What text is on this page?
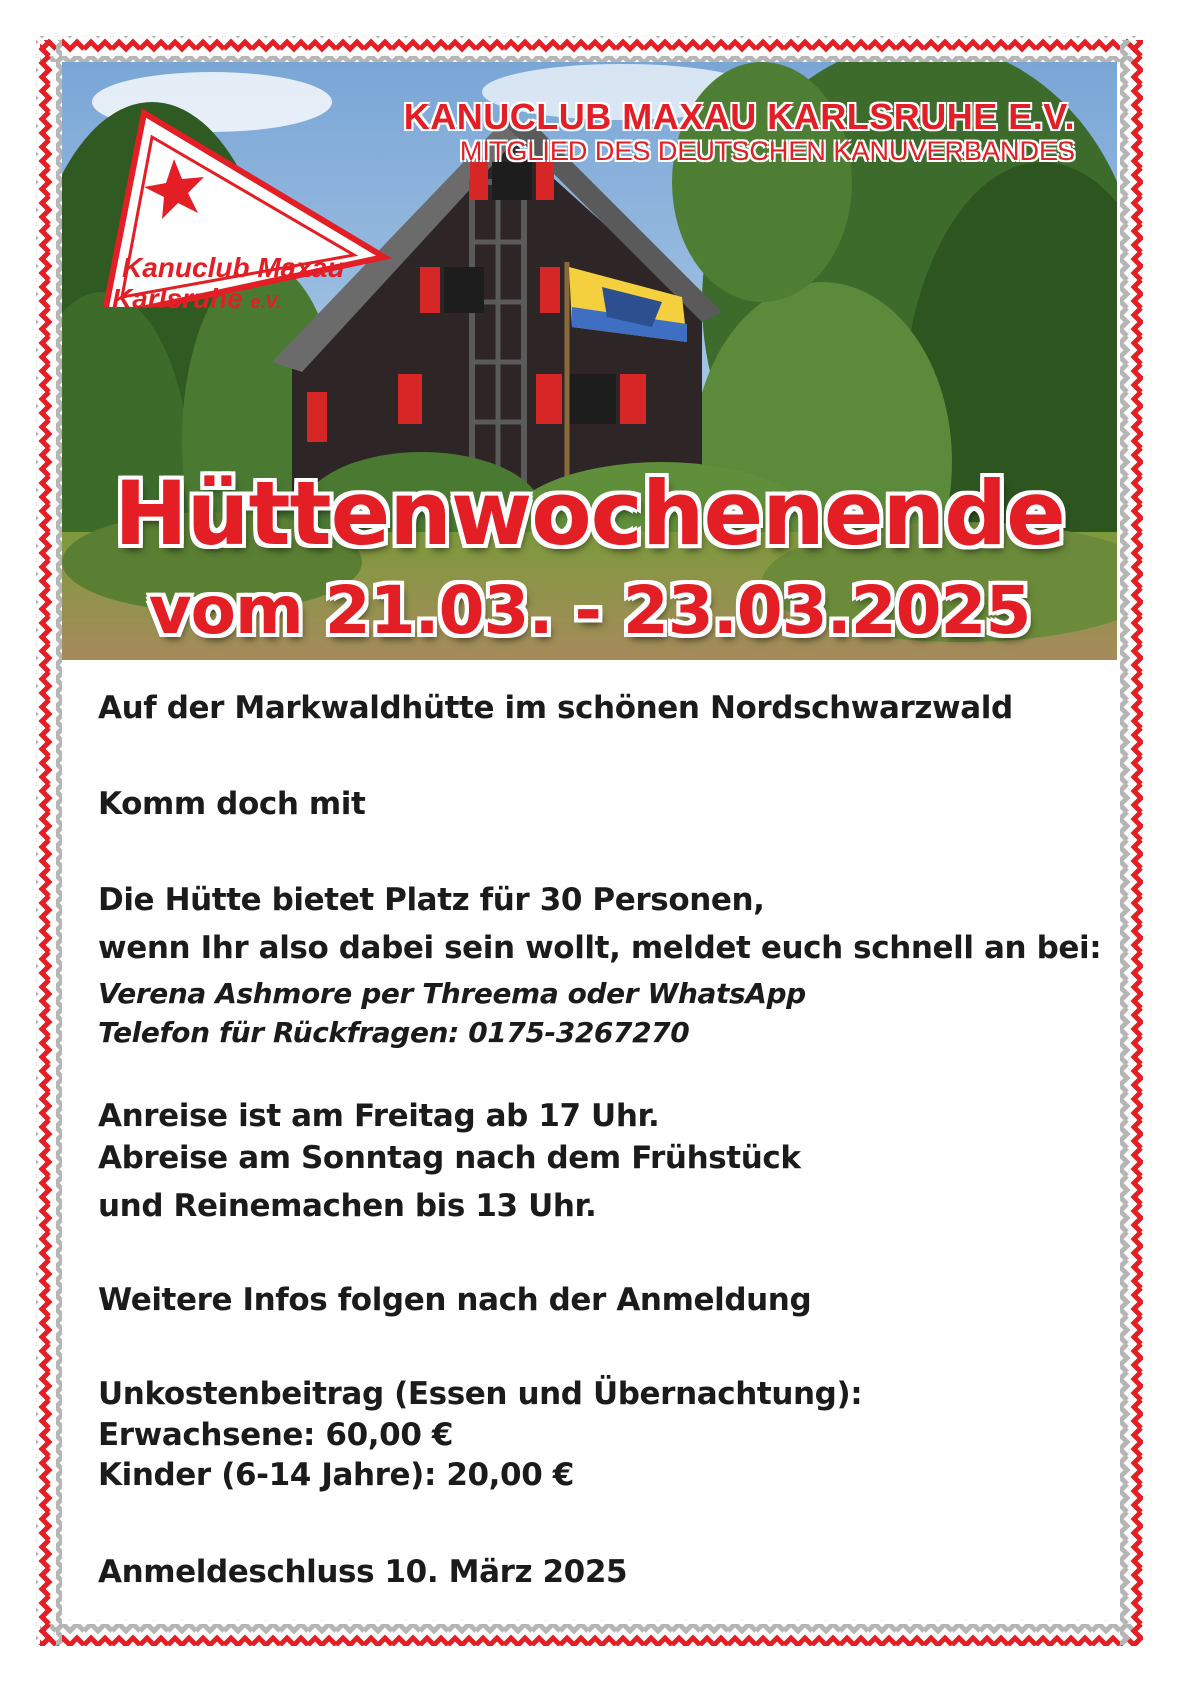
KANUCLUB MAXAU KARLSRUHE E.V.
MITGLIED DES DEUTSCHEN KANUVERBANDES
Kanuclub Maxau
Karlsruhe e.V.
Hüttenwochenende
vom 21.03. - 23.03.2025
Auf der Markwaldhütte im schönen Nordschwarzwald
Komm doch mit
Die Hütte bietet Platz für 30 Personen,
wenn Ihr also dabei sein wollt, meldet euch schnell an bei:
Verena Ashmore per Threema oder WhatsApp
Telefon für Rückfragen: 0175-3267270
Anreise ist am Freitag ab 17 Uhr.
Abreise am Sonntag nach dem Frühstück
und Reinemachen bis 13 Uhr.
Weitere Infos folgen nach der Anmeldung
Unkostenbeitrag (Essen und Übernachtung):
Erwachsene: 60,00 €
Kinder (6-14 Jahre): 20,00 €
Anmeldeschluss 10. März 2025
